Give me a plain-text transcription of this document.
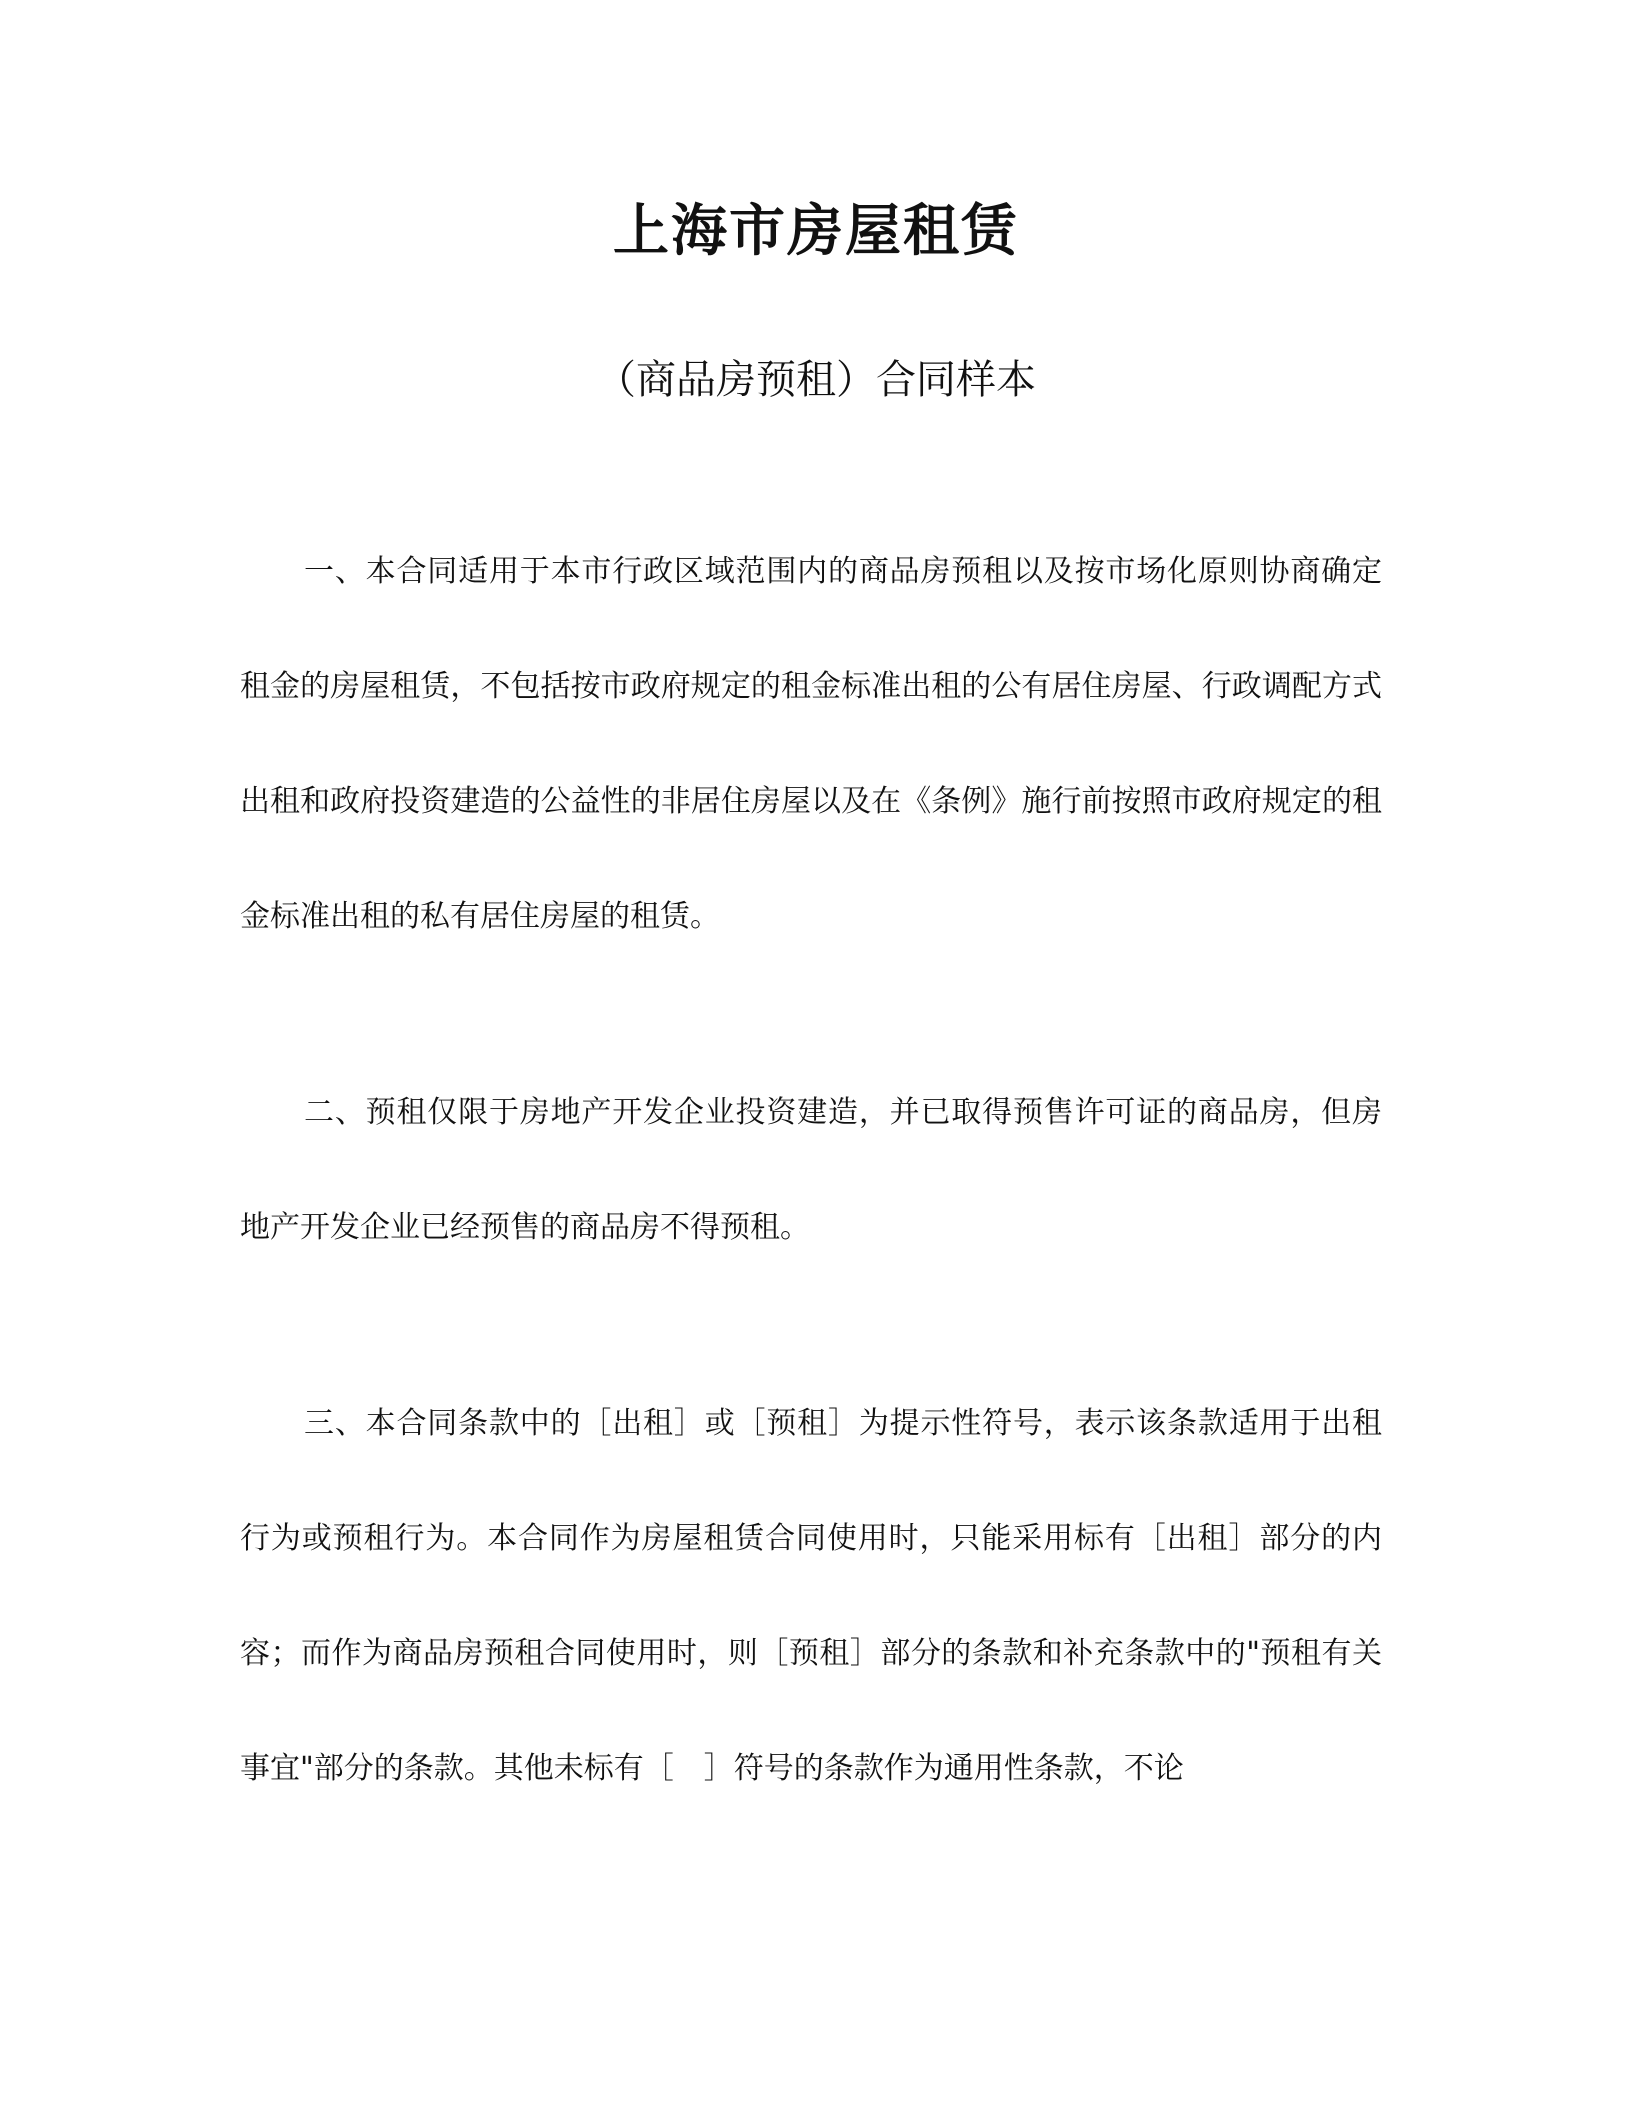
上海市房屋租赁
（商品房预租）合同样本

一、本合同适用于本市行政区域范围内的商品房预租以及按市场化原则协商确定租金的房屋租赁，不包括按市政府规定的租金标准出租的公有居住房屋、行政调配方式出租和政府投资建造的公益性的非居住房屋以及在《条例》施行前按照市政府规定的租金标准出租的私有居住房屋的租赁。

二、预租仅限于房地产开发企业投资建造，并已取得预售许可证的商品房，但房地产开发企业已经预售的商品房不得预租。

三、本合同条款中的［出租］或［预租］为提示性符号，表示该条款适用于出租行为或预租行为。本合同作为房屋租赁合同使用时，只能采用标有［出租］部分的内容；而作为商品房预租合同使用时，则［预租］部分的条款和补充条款中的"预租有关事宜"部分的条款。其他未标有［　］符号的条款作为通用性条款，不论
